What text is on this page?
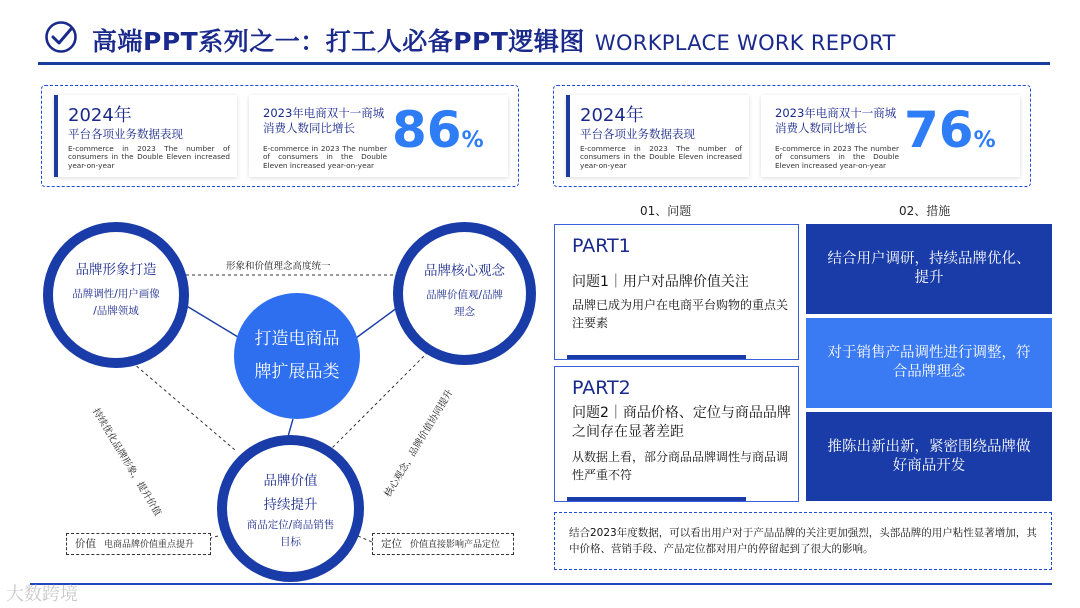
高端PPT系列之一：打工人必备PPT逻辑图 WORKPLACE WORK REPORT
2024年
平台各项业务数据表现
E-commerce in 2023 The number of consumers in the Double Eleven increased year-on-year
2023年电商双十一商城消费人数同比增长
E-commerce in 2023 The number of consumers in the Double Eleven increased year-on-year
86%
2024年
平台各项业务数据表现
E-commerce in 2023 The number of consumers in the Double Eleven increased year-on-year
2023年电商双十一商城消费人数同比增长
E-commerce in 2023 The number of consumers in the Double Eleven increased year-on-year
76%
形象和价值理念高度统一
持续优化品牌形象，提升价值	核心观念，品牌价值协同提升
品牌形象打造
品牌调性/用户画像
/品牌领域
品牌核心观念
品牌价值观/品牌
理念
品牌价值
持续提升
商品定位/商品销售
目标
打造电商品
牌扩展品类
价值 电商品牌价值重点提升	定位 价值直接影响产品定位
01、问题	02、措施
PART1
问题1｜用户对品牌价值关注
品牌已成为用户在电商平台购物的重点关注要素
PART2
问题2｜商品价格、定位与商品品牌之间存在显著差距
从数据上看，部分商品品牌调性与商品调性严重不符
结合用户调研，持续品牌优化、提升
对于销售产品调性进行调整，符合品牌理念
推陈出新出新，紧密围绕品牌做好商品开发
结合2023年度数据，可以看出用户对于产品品牌的关注更加强烈，头部品牌的用户粘性显著增加，其中价格、营销手段、产品定位都对用户的停留起到了很大的影响。
大数跨境
